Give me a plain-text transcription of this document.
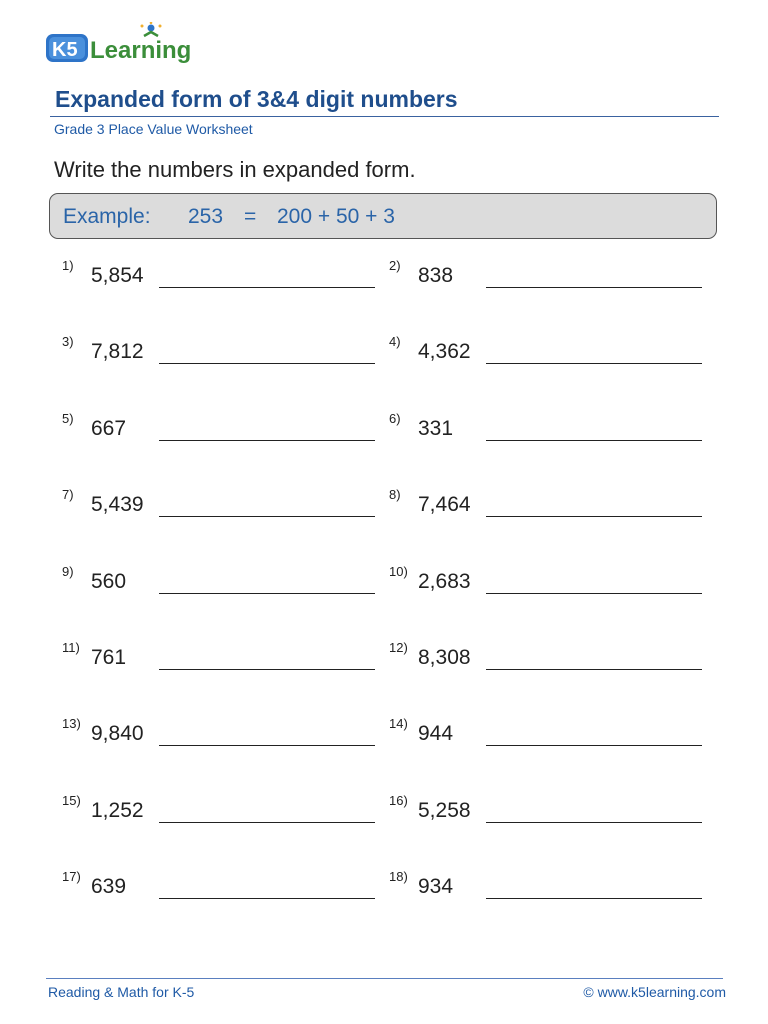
K5 Learning
Expanded form of 3&4 digit numbers
Grade 3 Place Value Worksheet
Write the numbers in expanded form.
Example: 253 = 200 + 50 + 3
1) 5,854	2) 838
3) 7,812	4) 4,362
5) 667	6) 331
7) 5,439	8) 7,464
9) 560	10) 2,683
11) 761	12) 8,308
13) 9,840	14) 944
15) 1,252	16) 5,258
17) 639	18) 934
Reading & Math for K-5	© www.k5learning.com
